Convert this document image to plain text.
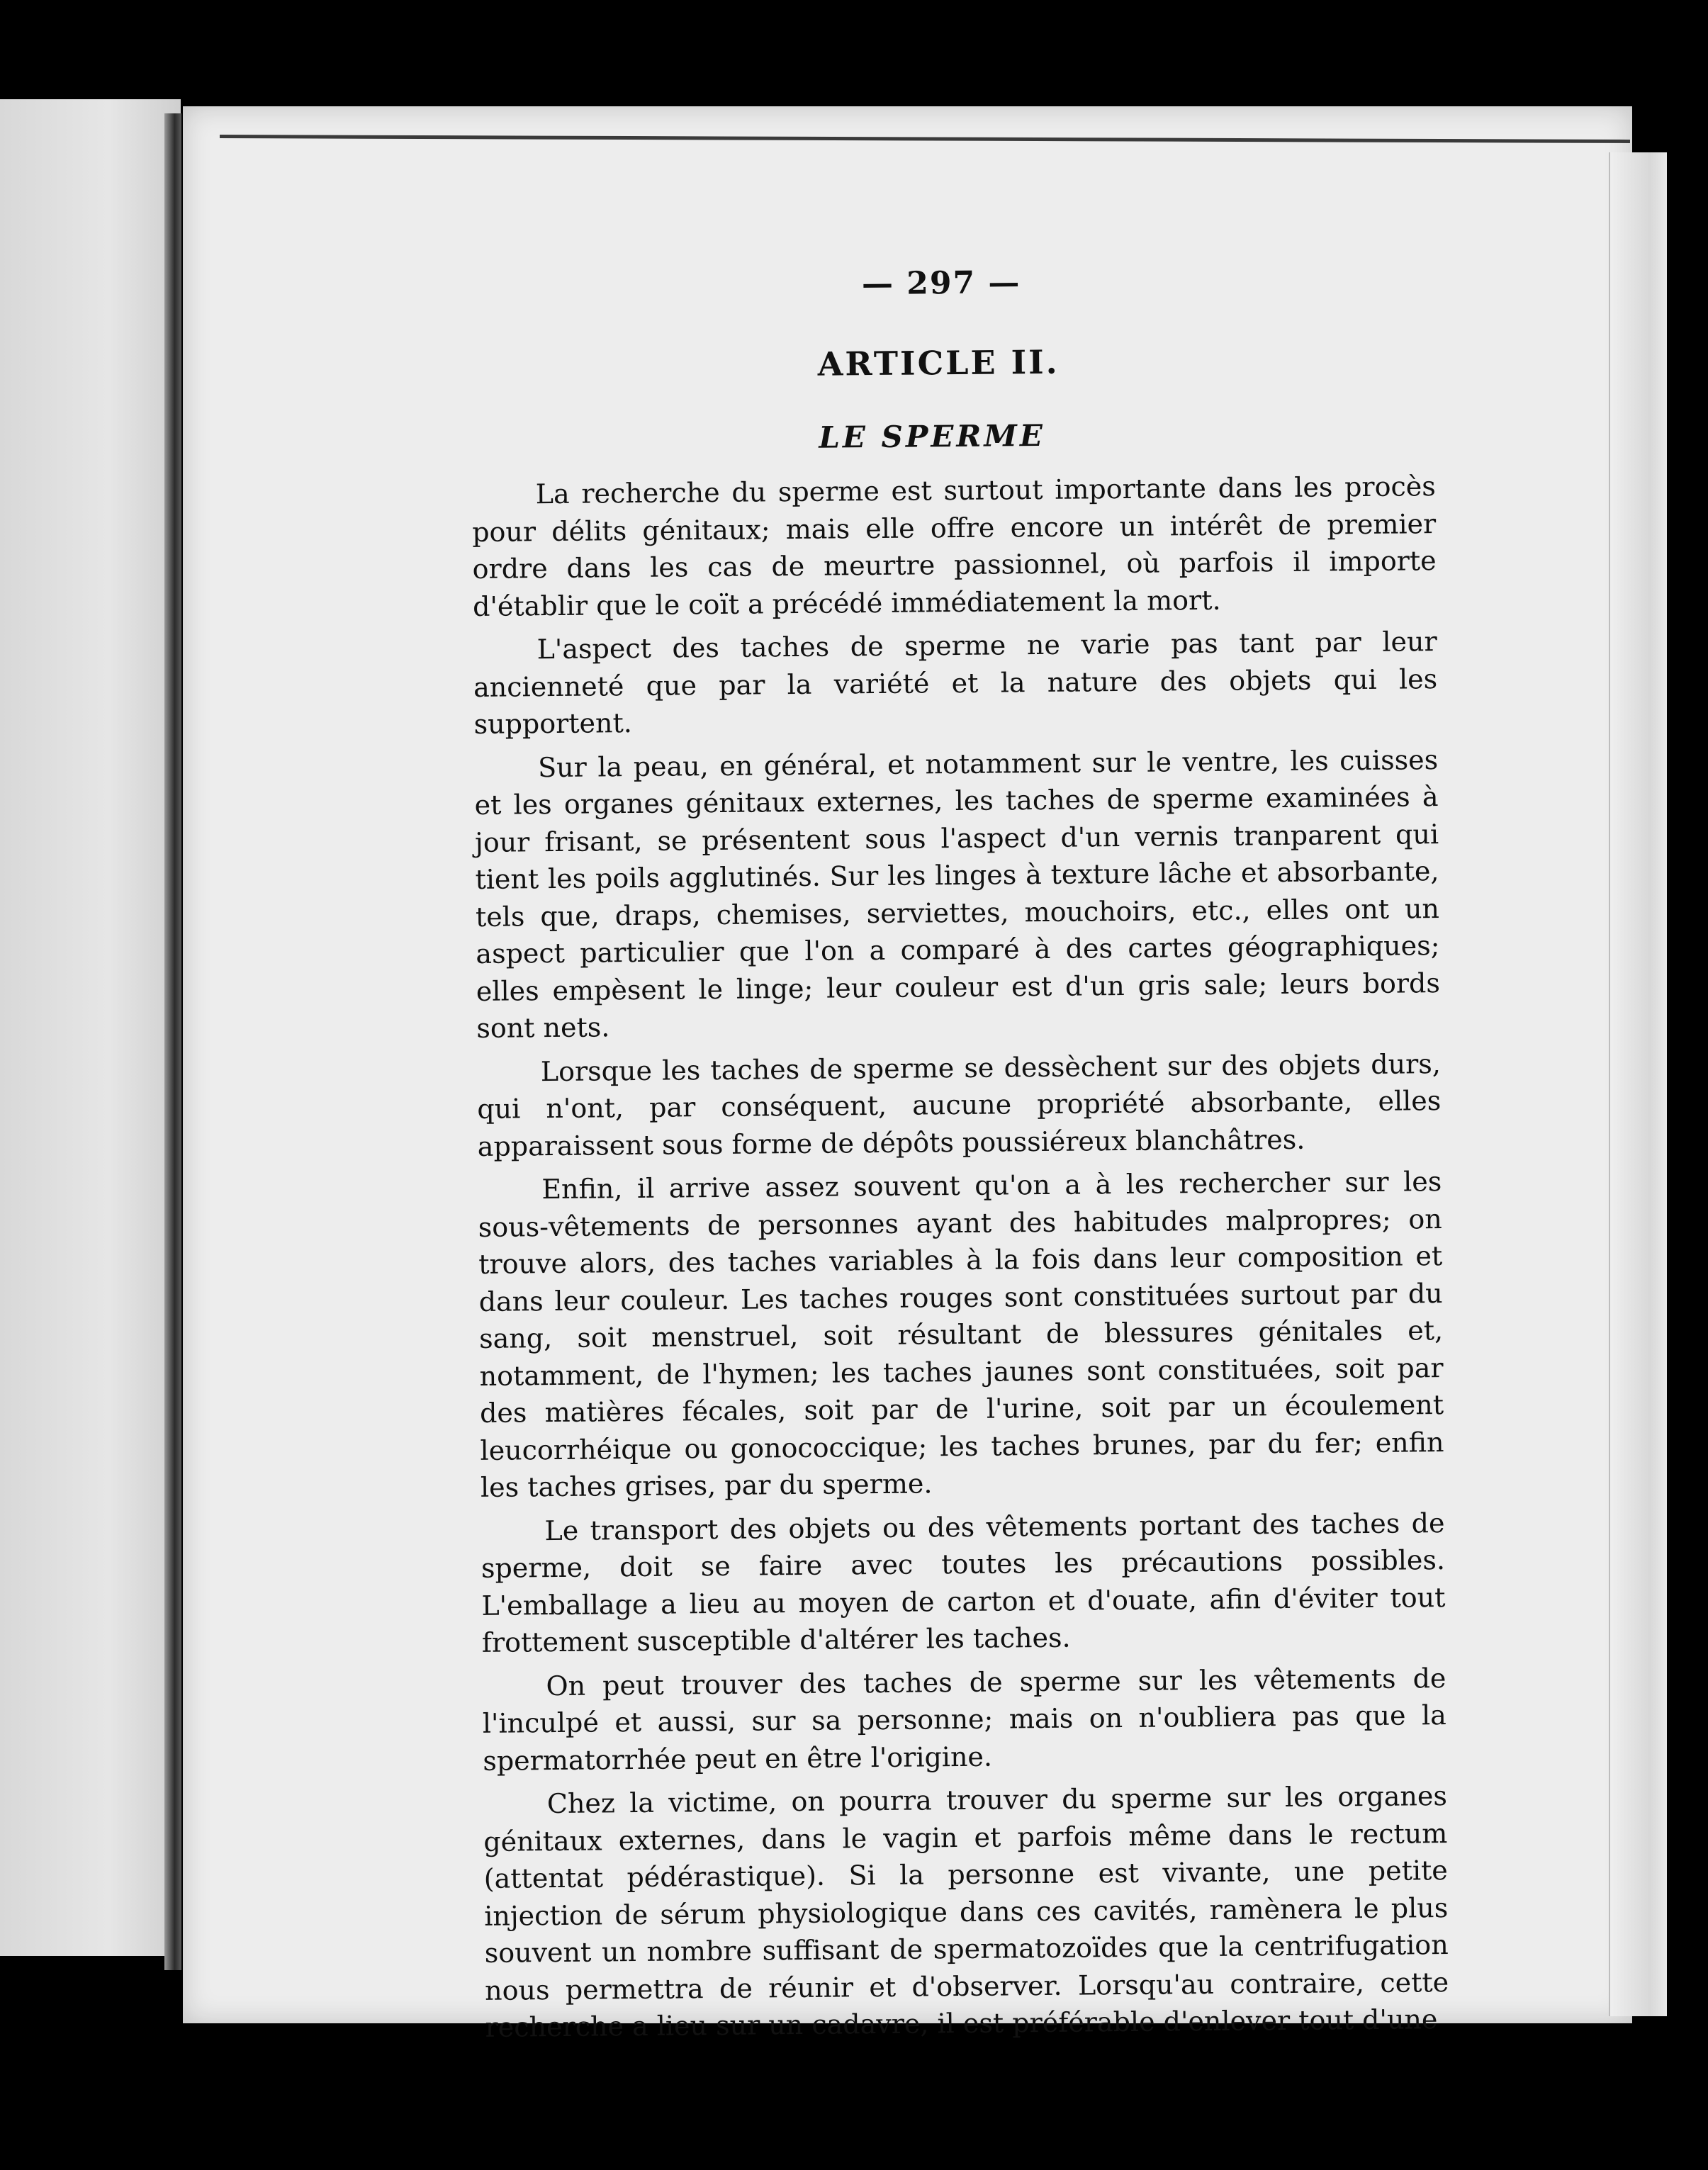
— 297 —
ARTICLE II.
LE SPERME

La recherche du sperme est surtout importante dans les procès pour délits génitaux; mais elle offre encore un intérêt de premier ordre dans les cas de meurtre passionnel, où parfois il importe d'établir que le coït a précédé immédiatement la mort.

L'aspect des taches de sperme ne varie pas tant par leur ancienneté que par la variété et la nature des objets qui les supportent.

Sur la peau, en général, et notamment sur le ventre, les cuisses et les organes génitaux externes, les taches de sperme examinées à jour frisant, se présentent sous l'aspect d'un vernis tranparent qui tient les poils agglutinés. Sur les linges à texture lâche et absorbante, tels que, draps, chemises, serviettes, mouchoirs, etc., elles ont un aspect particulier que l'on a comparé à des cartes géographiques; elles empèsent le linge; leur couleur est d'un gris sale; leurs bords sont nets.

Lorsque les taches de sperme se dessèchent sur des objets durs, qui n'ont, par conséquent, aucune propriété absorbante, elles apparaissent sous forme de dépôts poussiéreux blanchâtres.

Enfin, il arrive assez souvent qu'on a à les rechercher sur les sous-vêtements de personnes ayant des habitudes malpropres; on trouve alors, des taches variables à la fois dans leur composition et dans leur couleur. Les taches rouges sont constituées surtout par du sang, soit menstruel, soit résultant de blessures génitales et, notamment, de l'hymen; les taches jaunes sont constituées, soit par des matières fécales, soit par de l'urine, soit par un écoulement leucorrhéique ou gonococcique; les taches brunes, par du fer; enfin les taches grises, par du sperme.

Le transport des objets ou des vêtements portant des taches de sperme, doit se faire avec toutes les précautions possibles. L'emballage a lieu au moyen de carton et d'ouate, afin d'éviter tout frottement susceptible d'altérer les taches.

On peut trouver des taches de sperme sur les vêtements de l'inculpé et aussi, sur sa personne; mais on n'oubliera pas que la spermatorrhée peut en être l'origine.

Chez la victime, on pourra trouver du sperme sur les organes génitaux externes, dans le vagin et parfois même dans le rectum (attentat pédérastique). Si la personne est vivante, une petite injection de sérum physiologique dans ces cavités, ramènera le plus souvent un nombre suffisant de spermatozoïdes que la centrifugation nous permettra de réunir et d'observer. Lorsqu'au contraire, cette recherche a lieu sur un cadavre, il est préférable d'enlever tout d'une
